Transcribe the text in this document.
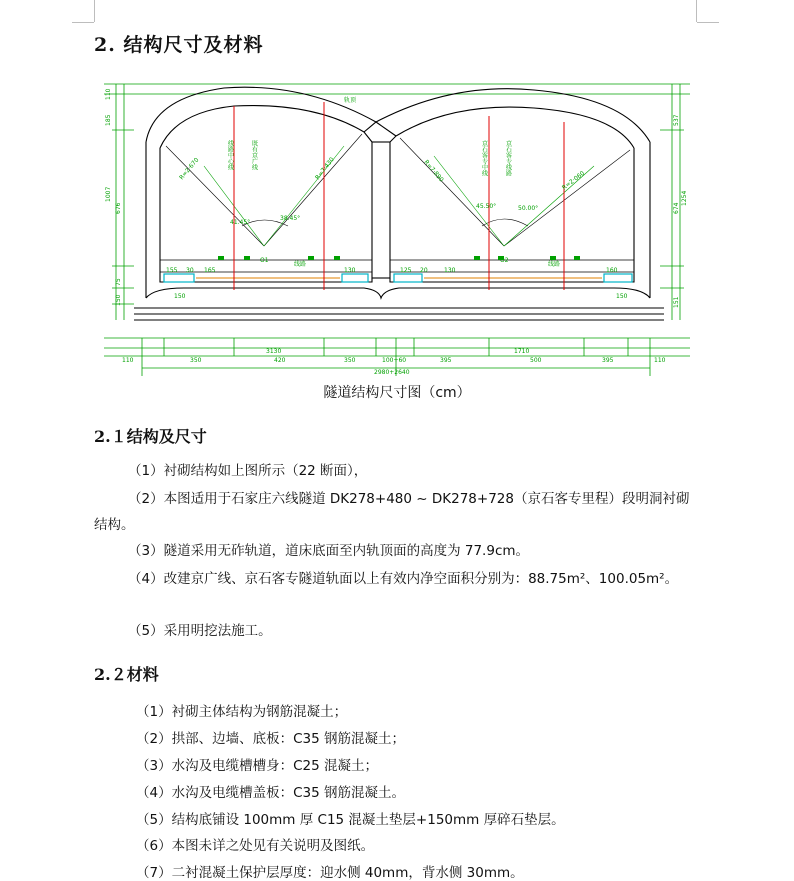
2. 结构尺寸及材料
110	350	420	350	100+60	395	500	395	110
3130	1710
2980+2640
110
185
1007
676
75
150
537
1254
674
151
R=2·670	R=7·430	R=7·890	R=2·060
41.45°
38.45°
45.50°	50.00°
O1	O2
轨顶
线路	线路
155 30 165	130	125 20	130	160
150	150
线路中心线	既有京广线	京石客专中线	京石客专线路
隧道结构尺寸图（cm）
2.１结构及尺寸
（1）衬砌结构如上图所示（22 断面），
（2）本图适用于石家庄六线隧道 DK278+480 ~ DK278+728（京石客专里程）段明洞衬砌结构。
（3）隧道采用无砟轨道，道床底面至内轨顶面的高度为 77.9cm。
（4）改建京广线、京石客专隧道轨面以上有效内净空面积分别为：88.75m²、100.05m²。
（5）采用明挖法施工。
2.２材料
（1）衬砌主体结构为钢筋混凝土；
（2）拱部、边墙、底板：C35 钢筋混凝土；
（3）水沟及电缆槽槽身：C25 混凝土；
（4）水沟及电缆槽盖板：C35 钢筋混凝土。
（5）结构底铺设 100mm 厚 C15 混凝土垫层+150mm 厚碎石垫层。
（6）本图未详之处见有关说明及图纸。
（7）二衬混凝土保护层厚度：迎水侧 40mm，背水侧 30mm。
